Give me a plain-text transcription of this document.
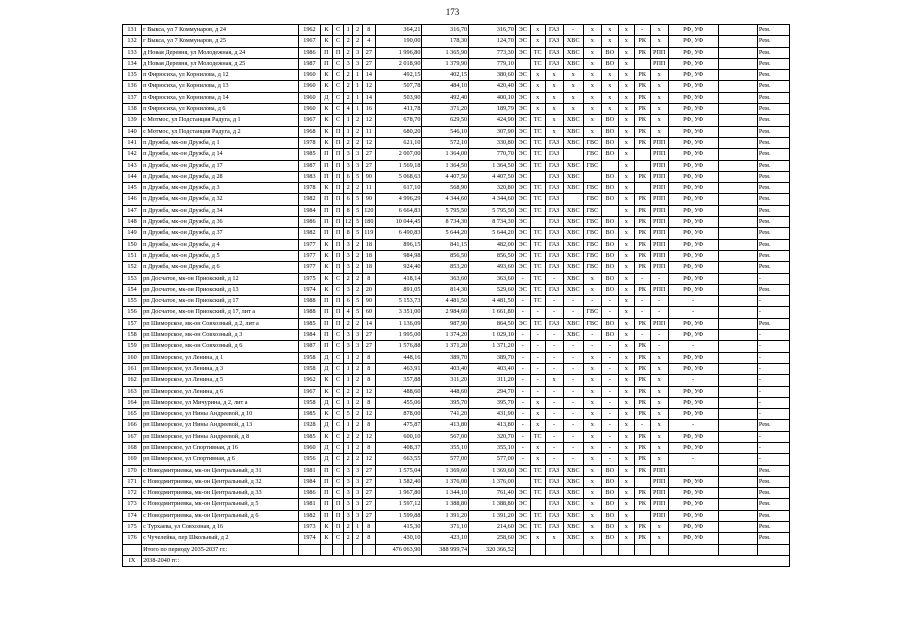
173
131	г Выкса, ул 7 Коммунаров, д 24	1962	К	С	1	2	8	364,21	316,70	316,70	ЭС	х	ГАЗ	-	х	х	х	-	х	РФ, УФ		Рем.
132	г Выкса, ул 7 Коммунаров, д 25	1967	К	С	2	2	4	190,00	178,30	124,70	ЭС	х	ГАЗ	ХВС	х	х	х	РК	х	РФ, УФ		Рем.
133	д Новая Деревня, ул Молодежная, д 24	1986	П	П	2	3	27	1 996,80	1 365,90	773,30	ЭС	ТС	ГАЗ	ХВС	х	ВО	х	РК	РПП	РФ, УФ		Рем.
134	д Новая Деревня, ул Молодежная, д 25	1987	П	С	3	3	27	2 018,90	1 379,90	779,10		ТС	ГАЗ	ХВС	х	ВО	х		РПП	РФ, УФ		Рем.
135	п Фирюсиха, ул Корнилова, д 12	1960	К	С	2	1	14	492,15	402,15	380,60	ЭС	х	х	х	х	х	х	РК	х	РФ, УФ		Рем.
136	п Фирюсиха, ул Корнилова, д 13	1960	К	С	2	1	12	507,78	484,10	420,40	ЭС	х	х	х	х	х	х	РК	х	РФ, УФ		Рем.
137	п Фирюсиха, ул Корнилова, д 14	1960	Д	С	2	1	14	503,90	492,40	400,10	ЭС	х	х	х	х	х	х	РК	х	РФ, УФ		Рем.
138	п Фирюсиха, ул Корнилова, д 6	1960	К	С	4	1	16	411,78	371,20	189,79	ЭС	х	х	х	х	х	х	РК	х	РФ, УФ		Рем.
139	с Мотмос, ул Подстанция Радуга, д 1	1967	К	С	1	2	12	678,70	629,50	424,90	ЭС	ТС	х	ХВС	х	ВО	х	РК	х	РФ, УФ		Рем.
140	с Мотмос, ул Подстанция Радуга, д 2	1968	К	П	1	2	11	680,20	546,10	307,90	ЭС	ТС	х	ХВС	х	ВО	х	РК	х	РФ, УФ		Рем.
141	п Дружба, мк-он Дружба, д 1	1978	К	П	2	2	12	621,10	572,10	330,80	ЭС	ТС	ГАЗ	ХВС	ГВС	ВО	х	РК	РПП	РФ, УФ		Рем.
142	п Дружба, мк-он Дружба, д 14	1985	П	П	3	3	27	2 007,00	1 364,00	770,70	ЭС	ТС	ГАЗ		ГВС	ВО	х		РПП	РФ, УФ		Рем.
143	п Дружба, мк-он Дружба, д 17	1987	П	П	3	3	27	1 569,18	1 364,50	1 364,50	ЭС	ТС	ГАЗ	ХВС	ГВС		х		РПП	РФ, УФ		Рем.
144	п Дружба, мк-он Дружба, д 28	1983	П	П	6	5	90	5 068,63	4 407,50	4 407,50	ЭС		ГАЗ	ХВС		ВО	х	РК	РПП	РФ, УФ		Рем.
145	п Дружба, мк-он Дружба, д 3	1978	К	П	2	2	11	617,10	568,90	320,80	ЭС	ТС	ГАЗ	ХВС	ГВС	ВО	х		РПП	РФ, УФ		Рем.
146	п Дружба, мк-он Дружба, д 32	1982	П	П	6	5	90	4 996,29	4 344,60	4 344,60	ЭС	ТС	ГАЗ		ГВС	ВО	х	РК	РПП	РФ, УФ		Рем.
147	п Дружба, мк-он Дружба, д 34	1984	П	П	8	5	120	6 664,83	5 795,50	5 795,50	ЭС	ТС	ГАЗ	ХВС	ГВС		х	РК	РПП	РФ, УФ		Рем.
148	п Дружба, мк-он Дружба, д 36	1986	П	П	12	5	180	10 044,45	8 734,30	8 734,30	ЭС		ГАЗ	ХВС	ГВС	ВО	х	РК	РПП	РФ, УФ		Рем.
149	п Дружба, мк-он Дружба, д 37	1982	П	П	8	5	119	6 490,83	5 644,20	5 644,20	ЭС	ТС	ГАЗ	ХВС	ГВС	ВО	х	РК	РПП	РФ, УФ		Рем.
150	п Дружба, мк-он Дружба, д 4	1977	К	П	3	2	18	896,15	841,15	482,00	ЭС	ТС	ГАЗ	ХВС	ГВС	ВО	х	РК	РПП	РФ, УФ		Рем.
151	п Дружба, мк-он Дружба, д 5	1977	К	П	3	2	18	984,98	856,50	856,50	ЭС	ТС	ГАЗ	ХВС	ГВС	ВО	х	РК	РПП	РФ, УФ		Рем.
152	п Дружба, мк-он Дружба, д 6	1977	К	П	3	2	18	924,40	853,20	493,60	ЭС	ТС	ГАЗ	ХВС	ГВС	ВО	х	РК	РПП	РФ, УФ		Рем.
153	рп Досчатое, мк-он Приокский, д 12	1975	К	С	2	2	8	418,14	363,60	363,60	-	ТС	-	ХВС	х	ВО	х	-	-	РФ, УФ		-
154	рп Досчатое, мк-он Приокский, д 13	1974	К	С	3	2	20	891,05	814,30	529,60	ЭС	ТС	ГАЗ	ХВС	х	ВО	х	РК	РПП	РФ, УФ		Рем.
155	рп Досчатое, мк-он Приокский, д 17	1988	П	П	6	5	90	5 153,73	4 481,50	4 481,50	-	ТС	-	-	-	-	х	-	-	-		-
156	рп Досчатое, мк-он Приокский, д 17, лит а	1988	П	П	4	5	60	3 351,00	2 984,60	1 661,80	-	-	-	-	ГВС	-	х	-	-	-		-
157	рп Шиморское, мк-он Совхозный, д 2, лит а	1985	П	П	2	2	14	1 136,09	987,90	864,50	ЭС	ТС	ГАЗ	ХВС	ГВС	ВО	х	РК	РПП	РФ, УФ		Рем.
158	рп Шиморское, мк-он Совхозный, д 3	1984	П	С	3	3	27	1 995,00	1 374,20	1 029,10	-	-	-	ХВС	-	ВО	х	-	-	РФ, УФ		-
159	рп Шиморское, мк-он Совхозный, д 6	1987	П	С	3	3	27	1 576,88	1 371,20	1 371,20	-	-	-	-	-	-	х	РК	-	-		-
160	рп Шиморское, ул Ленина, д 1	1958	Д	С	1	2	8	448,16	389,70	389,70	-	-	-	-	х	-	х	РК	х	РФ, УФ		-
161	рп Шиморское, ул Ленина, д 3	1958	Д	С	1	2	8	463,91	403,40	403,40	-	-	-	-	х	-	х	РК	х	РФ, УФ		-
162	рп Шиморское, ул Ленина, д 5	1962	К	С	1	2	8	357,88	311,20	311,20	-	-	х	-	х	-	х	РК	х	-		-
163	рп Шиморское, ул Ленина, д 6	1967	К	С	2	2	12	488,60	448,60	294,70	-	-	-	-	х	-	х	РК	х	РФ, УФ		-
164	рп Шиморское, ул Мичурина, д 2, лит а	1958	Д	С	1	2	8	455,06	395,70	395,70	-	х	-	-	х	-	х	РК	х	РФ, УФ		-
165	рп Шиморское, ул Нины Андреевой, д 10	1985	К	С	5	2	12	878,00	741,20	431,90	-	х	-	-	х	-	х	РК	х	РФ, УФ		-
166	рп Шиморское, ул Нины Андреевой, д 13	1928	Д	С	1	2	8	475,87	413,80	413,80	-	х	-	-	х	-	х	-	х	-		Рем.
167	рп Шиморское, ул Нины Андреевой, д 8	1985	К	С	2	2	12	600,10	567,00	320,70	-	ТС	-	-	х	-	х	РК	х	РФ, УФ		-
168	рп Шиморское, ул Спортивная, д 16	1960	Д	С	1	2	8	408,37	355,10	355,10	-	х	-	-	х	-	х	РК	х	РФ, УФ		-
169	рп Шиморское, ул Спортивная, д 6	1956	Д	С	2	2	12	663,55	577,00	577,00	-	х	-	-	х	-	х	РК	х	-		-
170	с Новодмитриевка, мк-он Центральный, д 31	1981	П	С	3	3	27	1 575,04	1 369,60	1 369,60	ЭС	ТС	ГАЗ	ХВС	х	ВО	х	РК	РПП			Рем.
171	с Новодмитриевка, мк-он Центральный, д 32	1984	П	С	3	3	27	1 582,40	1 376,00	1 376,00		ТС	ГАЗ	ХВС	х	ВО	х		РПП	РФ, УФ		Рем.
172	с Новодмитриевка, мк-он Центральный, д 33	1986	П	С	3	3	27	1 967,80	1 344,10	761,40	ЭС	ТС	ГАЗ	ХВС	х	ВО	х	РК	РПП	РФ, УФ		Рем.
173	с Новодмитриевка, мк-он Центральный, д 5	1981	П	П	3	3	27	1 597,12	1 388,80	1 388,80	ЭС		ГАЗ	ХВС	х	ВО	х	РК	РПП	РФ, УФ		Рем.
174	с Новодмитриевка, мк-он Центральный, д 6	1982	П	П	3	3	27	1 599,88	1 391,20	1 391,20	ЭС	ТС	ГАЗ	ХВС	х	ВО	х		РПП	РФ, УФ		Рем.
175	с Турхаева, ул Совхозная, д 16	1973	К	П	2	1	8	415,30	371,10	214,60	ЭС	ТС	ГАЗ	ХВС	х	ВО	х	РК	х	РФ, УФ		Рем.
176	с Чучелейка, пер Школьный, д 2	1974	К	С	2	2	8	430,10	423,10	258,60	ЭС	х	х	ХВС	х	ВО	х	РК	х	РФ, УФ		Рем.
	Итого по периоду 2035-2037 гг.:							476 063,90	388 999,74	320 366,52												
IX	2038-2040 гг.:																					
